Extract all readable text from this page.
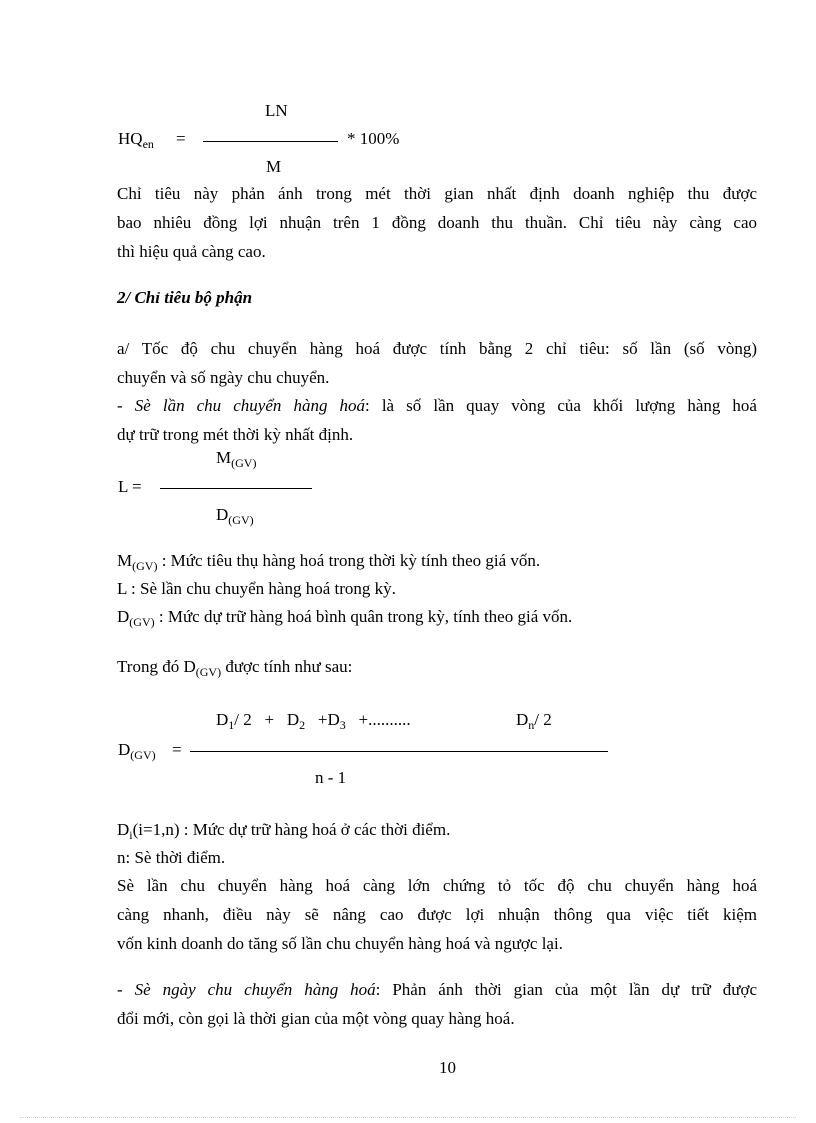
LN
$HQ_{en}$ =	* 100%
M
Chỉ tiêu này phản ánh trong mét thời gian nhất định doanh nghiệp thu được
bao nhiêu đồng lợi nhuận trên 1 đồng doanh thu thuần. Chỉ tiêu này càng cao
thì hiệu quả càng cao.
2/ Chỉ tiêu bộ phận
a/ Tốc độ chu chuyển hàng hoá được tính bằng 2 chỉ tiêu: số lần (số vòng)
chuyển và số ngày chu chuyển.
- Sè lần chu chuyển hàng hoá: là số lần quay vòng của khối lượng hàng hoá
dự trữ trong mét thời kỳ nhất định.
$M_{(GV)}$
L =
$D_{(GV)}$
$M_{(GV)}$ : Mức tiêu thụ hàng hoá trong thời kỳ tính theo giá vốn.
L : Sè lần chu chuyển hàng hoá trong kỳ.
$D_{(GV)}$ : Mức dự trữ hàng hoá bình quân trong kỳ, tính theo giá vốn.
Trong đó $D_{(GV)}$ được tính như sau:
$D_1/$ $2 + D_2 +D_3$   +..........	$D_n/$ 2
$D_{(GV)}$ =
n - 1
$D_i(i=1,n)$ : Mức dự trữ hàng hoá ở các thời điểm.
n: Sè thời điểm.
Sè lần chu chuyển hàng hoá càng lớn chứng tỏ tốc độ chu chuyển hàng hoá
càng nhanh, điều này sẽ nâng cao được lợi nhuận thông qua việc tiết kiệm
vốn kinh doanh do tăng số lần chu chuyển hàng hoá và ngược lại.
- Sè ngày chu chuyển hàng hoá: Phản ánh thời gian của một lần dự trữ được
đổi mới, còn gọi là thời gian của một vòng quay hàng hoá.
10
